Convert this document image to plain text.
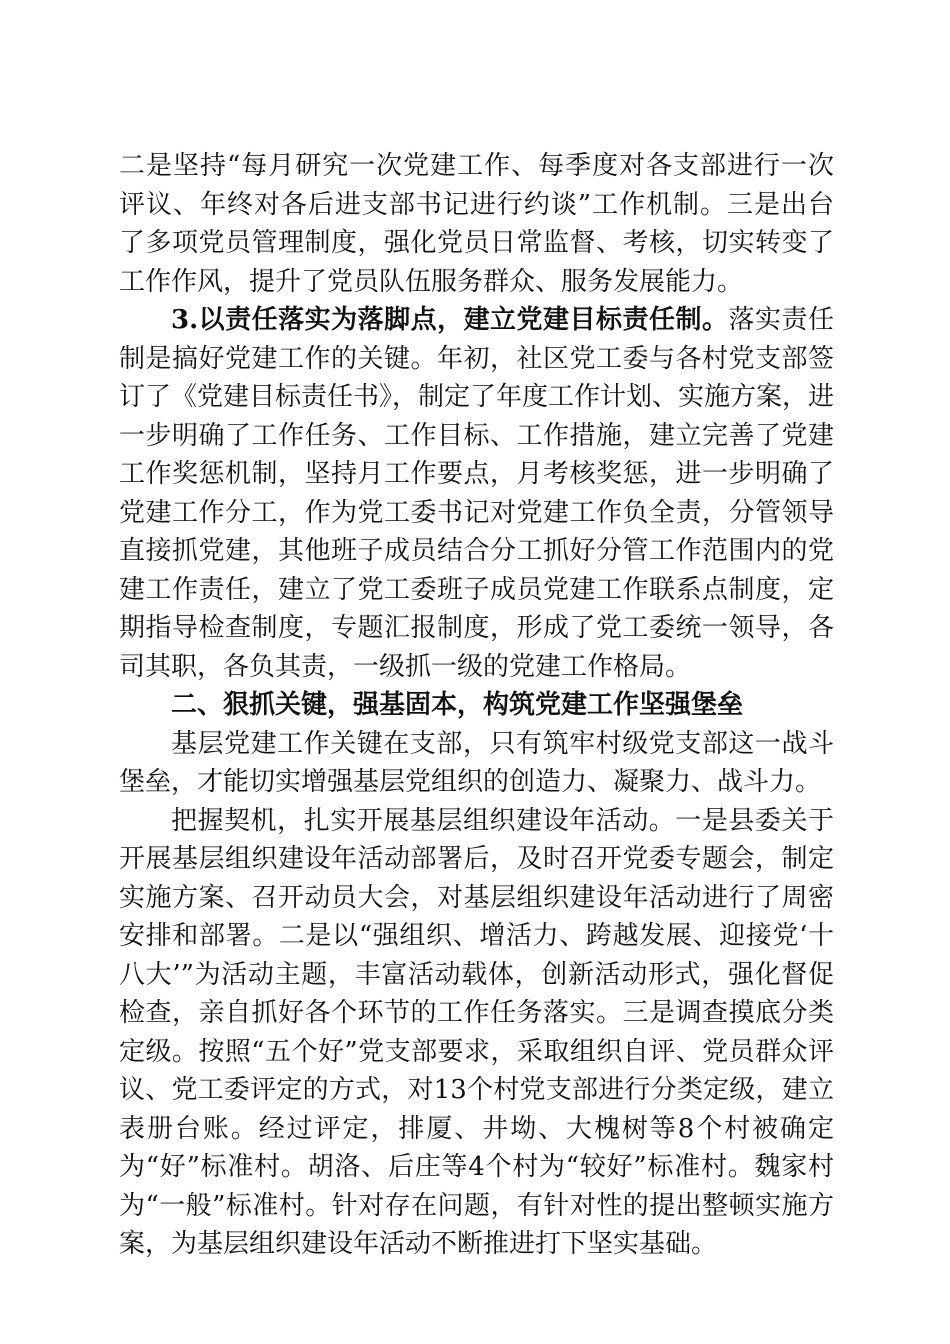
二是坚持“每月研究一次党建工作、每季度对各支部进行一次评议、年终对各后进支部书记进行约谈”工作机制。三是出台了多项党员管理制度，强化党员日常监督、考核，切实转变了工作作风，提升了党员队伍服务群众、服务发展能力。

3.以责任落实为落脚点，建立党建目标责任制。落实责任制是搞好党建工作的关键。年初，社区党工委与各村党支部签订了《党建目标责任书》，制定了年度工作计划、实施方案，进一步明确了工作任务、工作目标、工作措施，建立完善了党建工作奖惩机制，坚持月工作要点，月考核奖惩，进一步明确了党建工作分工，作为党工委书记对党建工作负全责，分管领导直接抓党建，其他班子成员结合分工抓好分管工作范围内的党建工作责任，建立了党工委班子成员党建工作联系点制度，定期指导检查制度，专题汇报制度，形成了党工委统一领导，各司其职，各负其责，一级抓一级的党建工作格局。

二、狠抓关键，强基固本，构筑党建工作坚强堡垒

基层党建工作关键在支部，只有筑牢村级党支部这一战斗堡垒，才能切实增强基层党组织的创造力、凝聚力、战斗力。

把握契机，扎实开展基层组织建设年活动。一是县委关于开展基层组织建设年活动部署后，及时召开党委专题会，制定实施方案、召开动员大会，对基层组织建设年活动进行了周密安排和部署。二是以“强组织、增活力、跨越发展、迎接党‘十八大’”为活动主题，丰富活动载体，创新活动形式，强化督促检查，亲自抓好各个环节的工作任务落实。三是调查摸底分类定级。按照“五个好”党支部要求，采取组织自评、党员群众评议、党工委评定的方式，对13个村党支部进行分类定级，建立表册台账。经过评定，排厦、井坳、大槐树等8个村被确定为“好”标准村。胡洛、后庄等4个村为“较好”标准村。魏家村为“一般”标准村。针对存在问题，有针对性的提出整顿实施方案，为基层组织建设年活动不断推进打下坚实基础。
